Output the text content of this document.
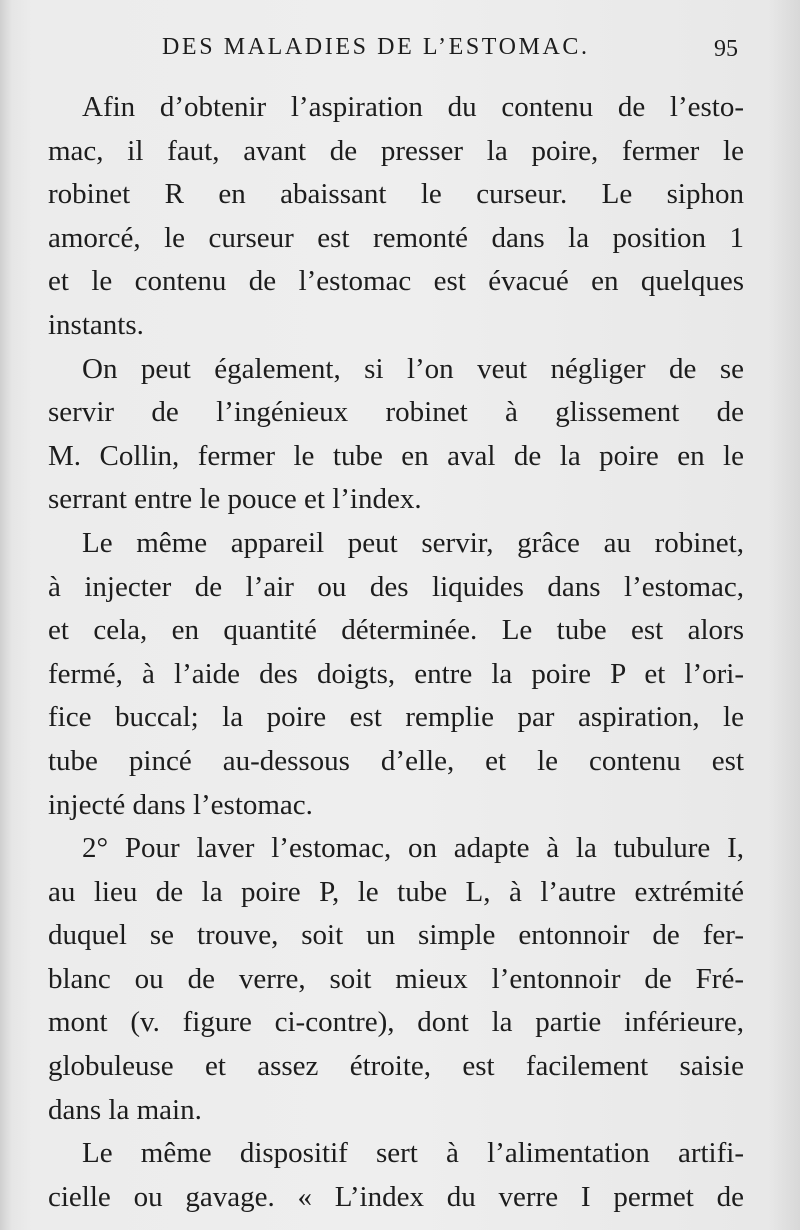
DES MALADIES DE L’ESTOMAC.	95
Afin d’obtenir l’aspiration du contenu de l’esto-
mac, il faut, avant de presser la poire, fermer le
robinet R en abaissant le curseur. Le siphon
amorcé, le curseur est remonté dans la position 1
et le contenu de l’estomac est évacué en quelques
instants.
On peut également, si l’on veut négliger de se
servir de l’ingénieux robinet à glissement de
M. Collin, fermer le tube en aval de la poire en le
serrant entre le pouce et l’index.
Le même appareil peut servir, grâce au robinet,
à injecter de l’air ou des liquides dans l’estomac,
et cela, en quantité déterminée. Le tube est alors
fermé, à l’aide des doigts, entre la poire P et l’ori-
fice buccal; la poire est remplie par aspiration, le
tube pincé au-dessous d’elle, et le contenu est
injecté dans l’estomac.
2° Pour laver l’estomac, on adapte à la tubulure I,
au lieu de la poire P, le tube L, à l’autre extrémité
duquel se trouve, soit un simple entonnoir de fer-
blanc ou de verre, soit mieux l’entonnoir de Fré-
mont (v. figure ci-contre), dont la partie inférieure,
globuleuse et assez étroite, est facilement saisie
dans la main.
Le même dispositif sert à l’alimentation artifi-
cielle ou gavage. « L’index du verre I permet de
